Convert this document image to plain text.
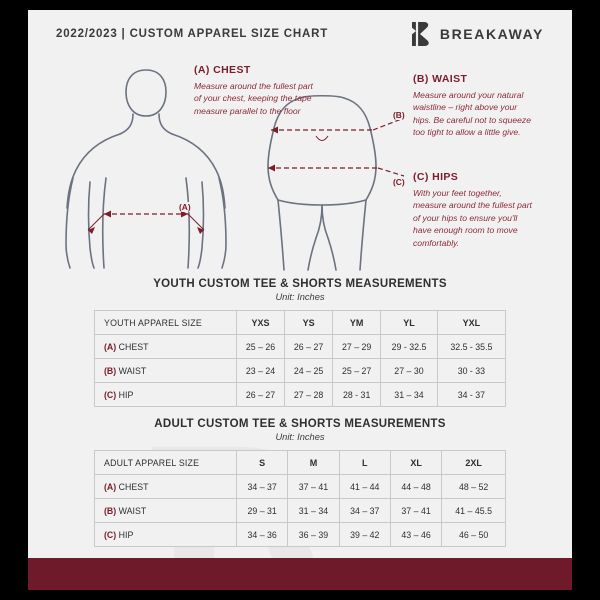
2022/2023 | CUSTOM APPAREL SIZE CHART	BREAKAWAY
(A)
(B)
(C)
(A) CHEST
Measure around the fullest part of your chest, keeping the tape measure parallel to the floor
(B) WAIST
Measure around your natural waistline – right above your hips. Be careful not to squeeze too tight to allow a little give.
(C) HIPS
With your feet together, measure around the fullest part of your hips to ensure you'll have enough room to move comfortably.
YOUTH CUSTOM TEE & SHORTS MEASUREMENTS
Unit: Inches
YOUTH APPAREL SIZE	YXS	YS	YM	YL	YXL
(A) CHEST	25 – 26	26 – 27	27 – 29	29 - 32.5	32.5 - 35.5
(B) WAIST	23 – 24	24 – 25	25 – 27	27 – 30	30 - 33
(C) HIP	26 – 27	27 – 28	28 - 31	31 – 34	34 - 37
ADULT CUSTOM TEE & SHORTS MEASUREMENTS
Unit: Inches
ADULT APPAREL SIZE	S	M	L	XL	2XL
(A) CHEST	34 – 37	37 – 41	41 – 44	44 – 48	48 – 52
(B) WAIST	29 – 31	31 – 34	34 – 37	37 – 41	41 – 45.5
(C) HIP	34 – 36	36 – 39	39 – 42	43 – 46	46 – 50
